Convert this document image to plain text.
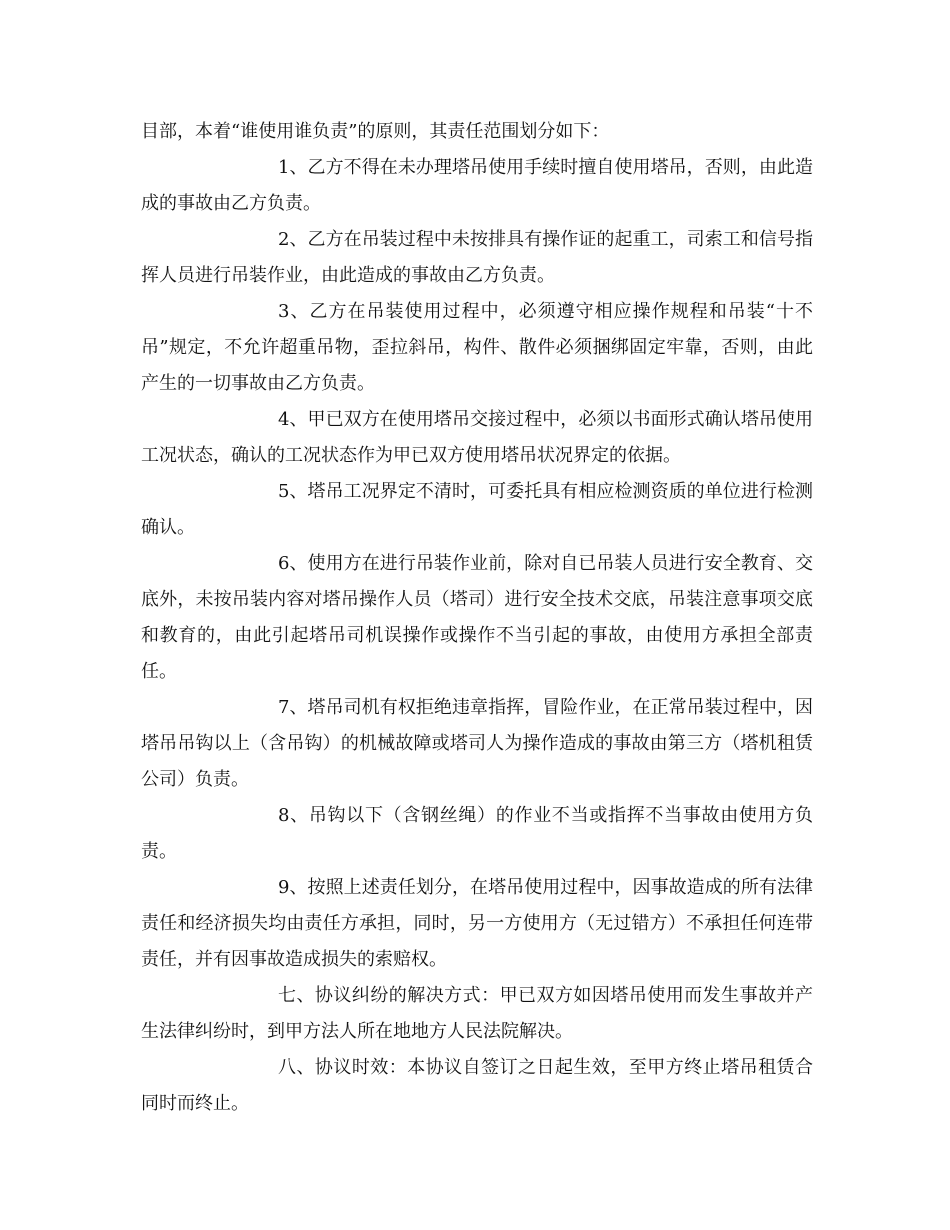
目部，本着“谁使用谁负责”的原则，其责任范围划分如下：

1、乙方不得在未办理塔吊使用手续时擅自使用塔吊，否则，由此造成的事故由乙方负责。

2、乙方在吊装过程中未按排具有操作证的起重工，司索工和信号指挥人员进行吊装作业，由此造成的事故由乙方负责。

3、乙方在吊装使用过程中，必须遵守相应操作规程和吊装“十不吊”规定，不允许超重吊物，歪拉斜吊，构件、散件必须捆绑固定牢靠，否则，由此产生的一切事故由乙方负责。

4、甲已双方在使用塔吊交接过程中，必须以书面形式确认塔吊使用工况状态，确认的工况状态作为甲已双方使用塔吊状况界定的依据。

5、塔吊工况界定不清时，可委托具有相应检测资质的单位进行检测确认。

6、使用方在进行吊装作业前，除对自已吊装人员进行安全教育、交底外，未按吊装内容对塔吊操作人员（塔司）进行安全技术交底，吊装注意事项交底和教育的，由此引起塔吊司机误操作或操作不当引起的事故，由使用方承担全部责任。

7、塔吊司机有权拒绝违章指挥，冒险作业，在正常吊装过程中，因塔吊吊钩以上（含吊钩）的机械故障或塔司人为操作造成的事故由第三方（塔机租赁公司）负责。

8、吊钩以下（含钢丝绳）的作业不当或指挥不当事故由使用方负责。

9、按照上述责任划分，在塔吊使用过程中，因事故造成的所有法律责任和经济损失均由责任方承担，同时，另一方使用方（无过错方）不承担任何连带责任，并有因事故造成损失的索赔权。

七、协议纠纷的解决方式：甲已双方如因塔吊使用而发生事故并产生法律纠纷时，到甲方法人所在地地方人民法院解决。

八、协议时效：本协议自签订之日起生效，至甲方终止塔吊租赁合同时而终止。
